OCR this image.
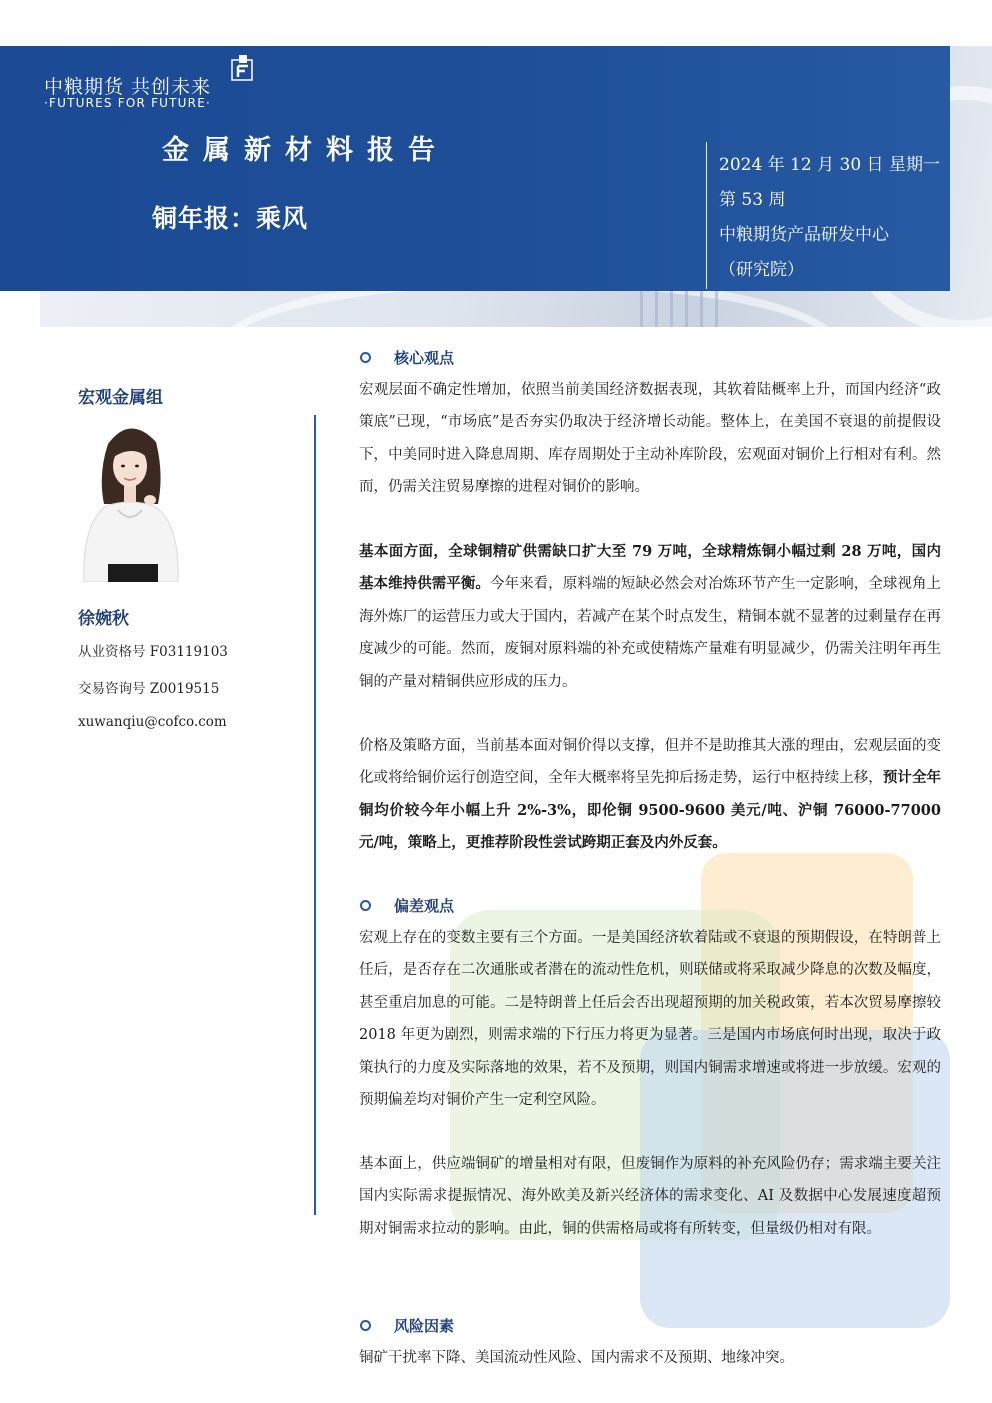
中粮期货 共创未来
·FUTURES FOR FUTURE·
金属新材料报告
铜年报：乘风
2024 年 12 月 30 日 星期一
第 53 周
中粮期货产品研发中心
（研究院）
宏观金属组
徐婉秋
从业资格号 F03119103
交易咨询号 Z0019515
xuwanqiu@cofco.com
核心观点
宏观层面不确定性增加，依照当前美国经济数据表现，其软着陆概率上升，而国内经济“政策底”已现，“市场底”是否夯实仍取决于经济增长动能。整体上，在美国不衰退的前提假设下，中美同时进入降息周期、库存周期处于主动补库阶段，宏观面对铜价上行相对有利。然而，仍需关注贸易摩擦的进程对铜价的影响。
基本面方面，全球铜精矿供需缺口扩大至 79 万吨，全球精炼铜小幅过剩 28 万吨，国内基本维持供需平衡。今年来看，原料端的短缺必然会对冶炼环节产生一定影响，全球视角上海外炼厂的运营压力或大于国内，若减产在某个时点发生，精铜本就不显著的过剩量存在再度减少的可能。然而，废铜对原料端的补充或使精炼产量难有明显减少，仍需关注明年再生铜的产量对精铜供应形成的压力。
价格及策略方面，当前基本面对铜价得以支撑，但并不是助推其大涨的理由，宏观层面的变化或将给铜价运行创造空间，全年大概率将呈先抑后扬走势，运行中枢持续上移，预计全年铜均价较今年小幅上升 2%-3%，即伦铜 9500-9600 美元/吨、沪铜 76000-77000 元/吨，策略上，更推荐阶段性尝试跨期正套及内外反套。
偏差观点
宏观上存在的变数主要有三个方面。一是美国经济软着陆或不衰退的预期假设，在特朗普上任后，是否存在二次通胀或者潜在的流动性危机，则联储或将采取减少降息的次数及幅度，甚至重启加息的可能。二是特朗普上任后会否出现超预期的加关税政策，若本次贸易摩擦较 2018 年更为剧烈，则需求端的下行压力将更为显著。三是国内市场底何时出现，取决于政策执行的力度及实际落地的效果，若不及预期，则国内铜需求增速或将进一步放缓。宏观的预期偏差均对铜价产生一定利空风险。
基本面上，供应端铜矿的增量相对有限，但废铜作为原料的补充风险仍存；需求端主要关注国内实际需求提振情况、海外欧美及新兴经济体的需求变化、AI 及数据中心发展速度超预期对铜需求拉动的影响。由此，铜的供需格局或将有所转变，但量级仍相对有限。
风险因素
铜矿干扰率下降、美国流动性风险、国内需求不及预期、地缘冲突。
